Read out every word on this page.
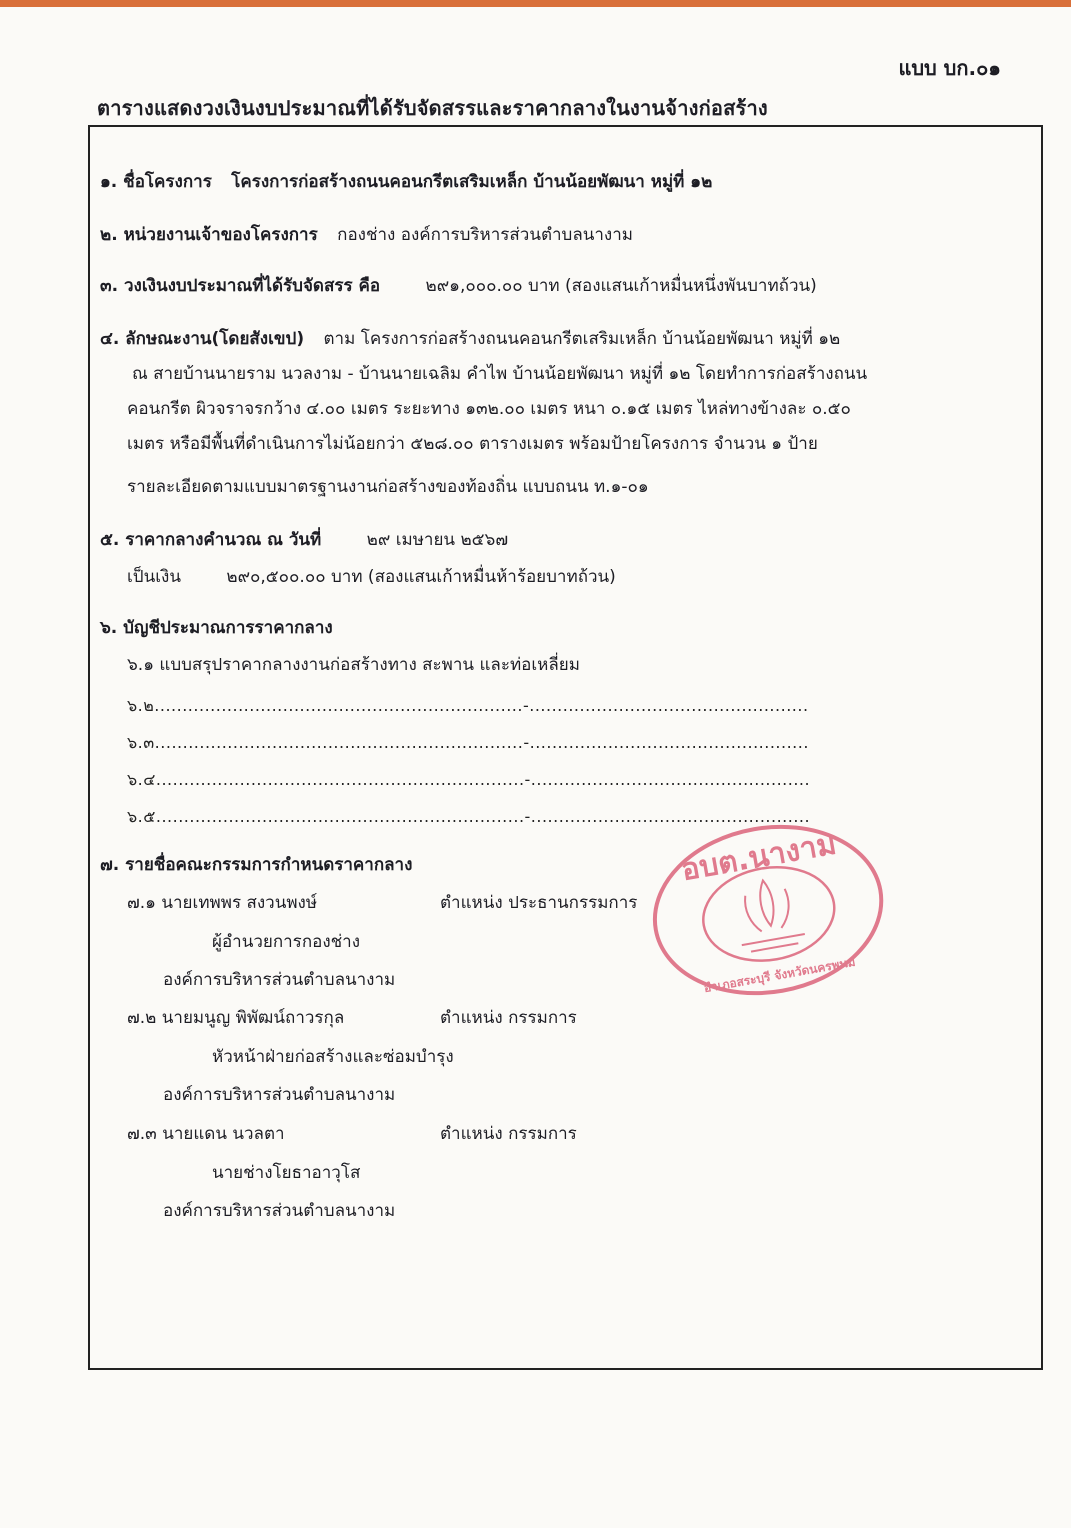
แบบ บก.๐๑
ตารางแสดงวงเงินงบประมาณที่ได้รับจัดสรรและราคากลางในงานจ้างก่อสร้าง
๑. ชื่อโครงการ โครงการก่อสร้างถนนคอนกรีตเสริมเหล็ก บ้านน้อยพัฒนา หมู่ที่ ๑๒
๒. หน่วยงานเจ้าของโครงการ กองช่าง องค์การบริหารส่วนตำบลนางาม
๓. วงเงินงบประมาณที่ได้รับจัดสรร คือ	๒๙๑,๐๐๐.๐๐ บาท (สองแสนเก้าหมื่นหนึ่งพันบาทถ้วน)
๔. ลักษณะงาน(โดยสังเขป) ตาม โครงการก่อสร้างถนนคอนกรีตเสริมเหล็ก บ้านน้อยพัฒนา หมู่ที่ ๑๒
ณ สายบ้านนายราม นวลงาม - บ้านนายเฉลิม คำไพ บ้านน้อยพัฒนา หมู่ที่ ๑๒ โดยทำการก่อสร้างถนน
คอนกรีต ผิวจราจรกว้าง ๔.๐๐ เมตร ระยะทาง ๑๓๒.๐๐ เมตร หนา ๐.๑๕ เมตร ไหล่ทางข้างละ ๐.๕๐
เมตร หรือมีพื้นที่ดำเนินการไม่น้อยกว่า ๕๒๘.๐๐ ตารางเมตร พร้อมป้ายโครงการ จำนวน ๑ ป้าย
รายละเอียดตามแบบมาตรฐานงานก่อสร้างของท้องถิ่น แบบถนน ท.๑-๐๑
๕. ราคากลางคำนวณ ณ วันที่	๒๙ เมษายน ๒๕๖๗
เป็นเงิน	๒๙๐,๕๐๐.๐๐ บาท (สองแสนเก้าหมื่นห้าร้อยบาทถ้วน)
๖. บัญชีประมาณการราคากลาง
๖.๑ แบบสรุปราคากลางงานก่อสร้างทาง สะพาน และท่อเหลี่ยม
๖.๒..................................................................-..................................................
๖.๓..................................................................-..................................................
๖.๔..................................................................-..................................................
๖.๕..................................................................-..................................................
๗. รายชื่อคณะกรรมการกำหนดราคากลาง
๗.๑ นายเทพพร สงวนพงษ์	ตำแหน่ง ประธานกรรมการ
ผู้อำนวยการกองช่าง
องค์การบริหารส่วนตำบลนางาม
๗.๒ นายมนูญ พิพัฒน์ถาวรกุล	ตำแหน่ง กรรมการ
หัวหน้าฝ่ายก่อสร้างและซ่อมบำรุง
องค์การบริหารส่วนตำบลนางาม
๗.๓ นายแดน นวลตา	ตำแหน่ง กรรมการ
นายช่างโยธาอาวุโส
องค์การบริหารส่วนตำบลนางาม
อบต.นางาม
อำเภอสระบุรี จังหวัดนครพนม
